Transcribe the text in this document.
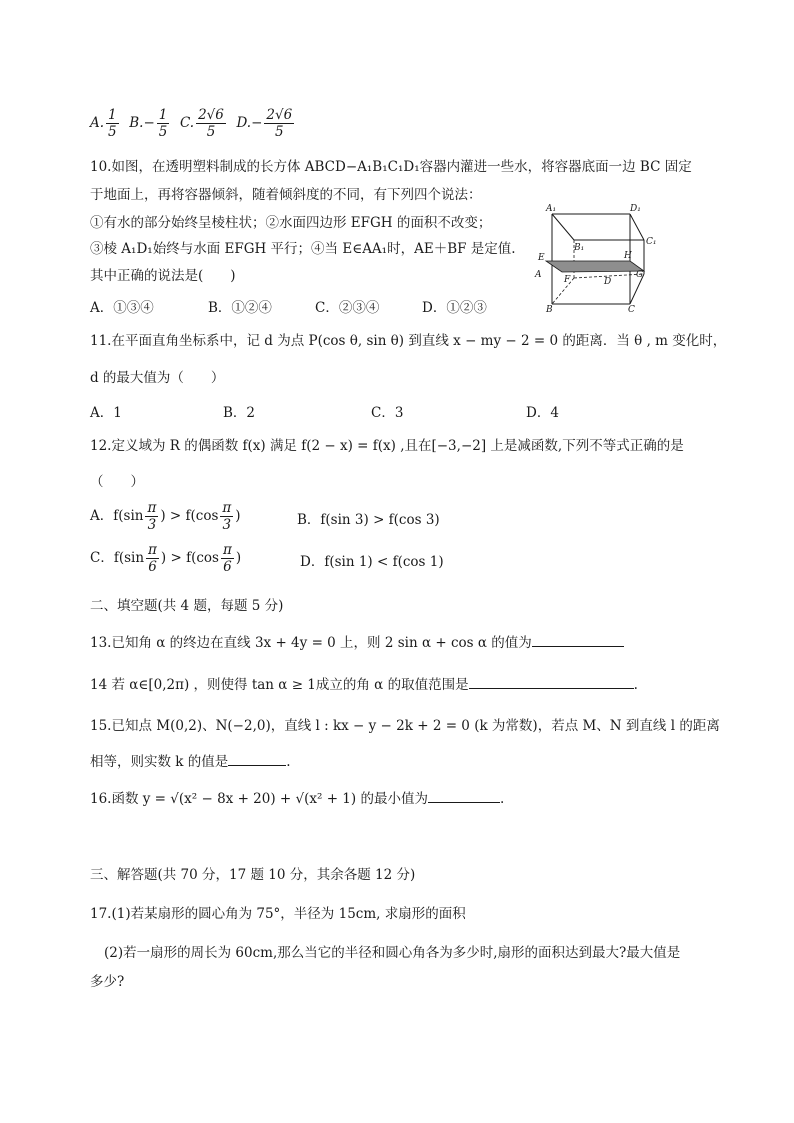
A. $\frac{1}{5} B.- \frac{1}{5} C$. $\frac{2√6}{5} D.- \frac{2√6}{5}$
10.如图，在透明塑料制成的长方体 ABCD−A₁B₁C₁D₁容器内灌进一些水，将容器底面一边 BC 固定
于地面上，再将容器倾斜，随着倾斜度的不同，有下列四个说法：
①有水的部分始终呈棱柱状；②水面四边形 EFGH 的面积不改变；
③棱 A₁D₁始终与水面 EFGH 平行；④当 E∈AA₁时，AE＋BF 是定值.
其中正确的说法是(　　)
A．①③④	B．①②④	C．②③④	D．①②③
A₁	D₁
B₁
C₁
E	H
A	F	D
G
B	C
11.在平面直角坐标系中，记 d 为点 P(cos θ, sin θ) 到直线 x − my − 2 = 0 的距离．当 θ , m 变化时，
d 的最大值为（　　）
A．1	B．2	C．3	D．4
12.定义域为 R 的偶函数 f(x) 满足 f(2 − x) = f(x) ,且在[−3,−2] 上是减函数,下列不等式正确的是
（　　）
A．$f(\sin \frac{\pi}{3}$ ) > $f(\cos \frac{\pi}{3}$ )	B．f(sin 3) > f(cos 3)
C．$f(\sin \frac{\pi}{6}$ ) > $f(\cos \frac{\pi}{6}$ )	D．f(sin 1) < f(cos 1)
二、填空题(共 4 题，每题 5 分)
13.已知角 α 的终边在直线 3x + 4y = 0 上，则 2 sin α + cos α 的值为
14 若 α∈[0,2π) ，则使得 tan α ≥ 1成立的角 α 的取值范围是	.
15.已知点 M(0,2)、N(−2,0)，直线 l : kx − y − 2k + 2 = 0 (k 为常数)，若点 M、N 到直线 l 的距离
相等，则实数 k 的值是	.
16.函数 y = √(x² − 8x + 20) + √(x² + 1) 的最小值为	.
三、解答题(共 70 分，17 题 10 分，其余各题 12 分)
17.(1)若某扇形的圆心角为 75°，半径为 15cm, 求扇形的面积
(2)若一扇形的周长为 60cm,那么当它的半径和圆心角各为多少时,扇形的面积达到最大?最大值是
多少?
